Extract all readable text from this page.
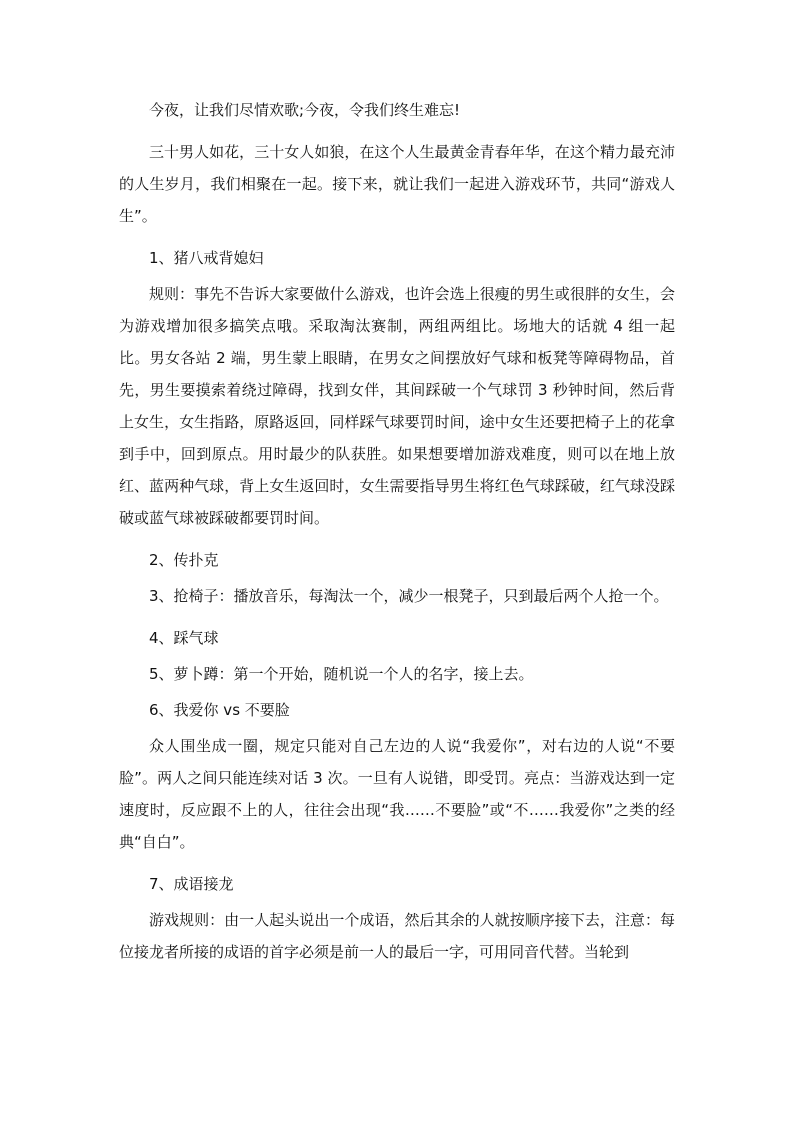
今夜，让我们尽情欢歌;今夜，令我们终生难忘!

三十男人如花，三十女人如狼，在这个人生最黄金青春年华，在这个精力最充沛的人生岁月，我们相聚在一起。接下来，就让我们一起进入游戏环节，共同“游戏人生”。

1、猪八戒背媳妇

规则：事先不告诉大家要做什么游戏，也许会选上很瘦的男生或很胖的女生，会为游戏增加很多搞笑点哦。采取淘汰赛制，两组两组比。场地大的话就 4 组一起比。男女各站 2 端，男生蒙上眼睛，在男女之间摆放好气球和板凳等障碍物品，首先，男生要摸索着绕过障碍，找到女伴，其间踩破一个气球罚 3 秒钟时间，然后背上女生，女生指路，原路返回，同样踩气球要罚时间，途中女生还要把椅子上的花拿到手中，回到原点。用时最少的队获胜。如果想要增加游戏难度，则可以在地上放红、蓝两种气球，背上女生返回时，女生需要指导男生将红色气球踩破，红气球没踩破或蓝气球被踩破都要罚时间。

2、传扑克

3、抢椅子：播放音乐，每淘汰一个，减少一根凳子，只到最后两个人抢一个。

4、踩气球

5、萝卜蹲：第一个开始，随机说一个人的名字，接上去。

6、我爱你 vs 不要脸

众人围坐成一圈，规定只能对自己左边的人说“我爱你”，对右边的人说“不要脸”。两人之间只能连续对话 3 次。一旦有人说错，即受罚。亮点：当游戏达到一定速度时，反应跟不上的人，往往会出现“我……不要脸”或“不……我爱你”之类的经典“自白”。

7、成语接龙

游戏规则：由一人起头说出一个成语，然后其余的人就按顺序接下去，注意：每位接龙者所接的成语的首字必须是前一人的最后一字，可用同音代替。当轮到
